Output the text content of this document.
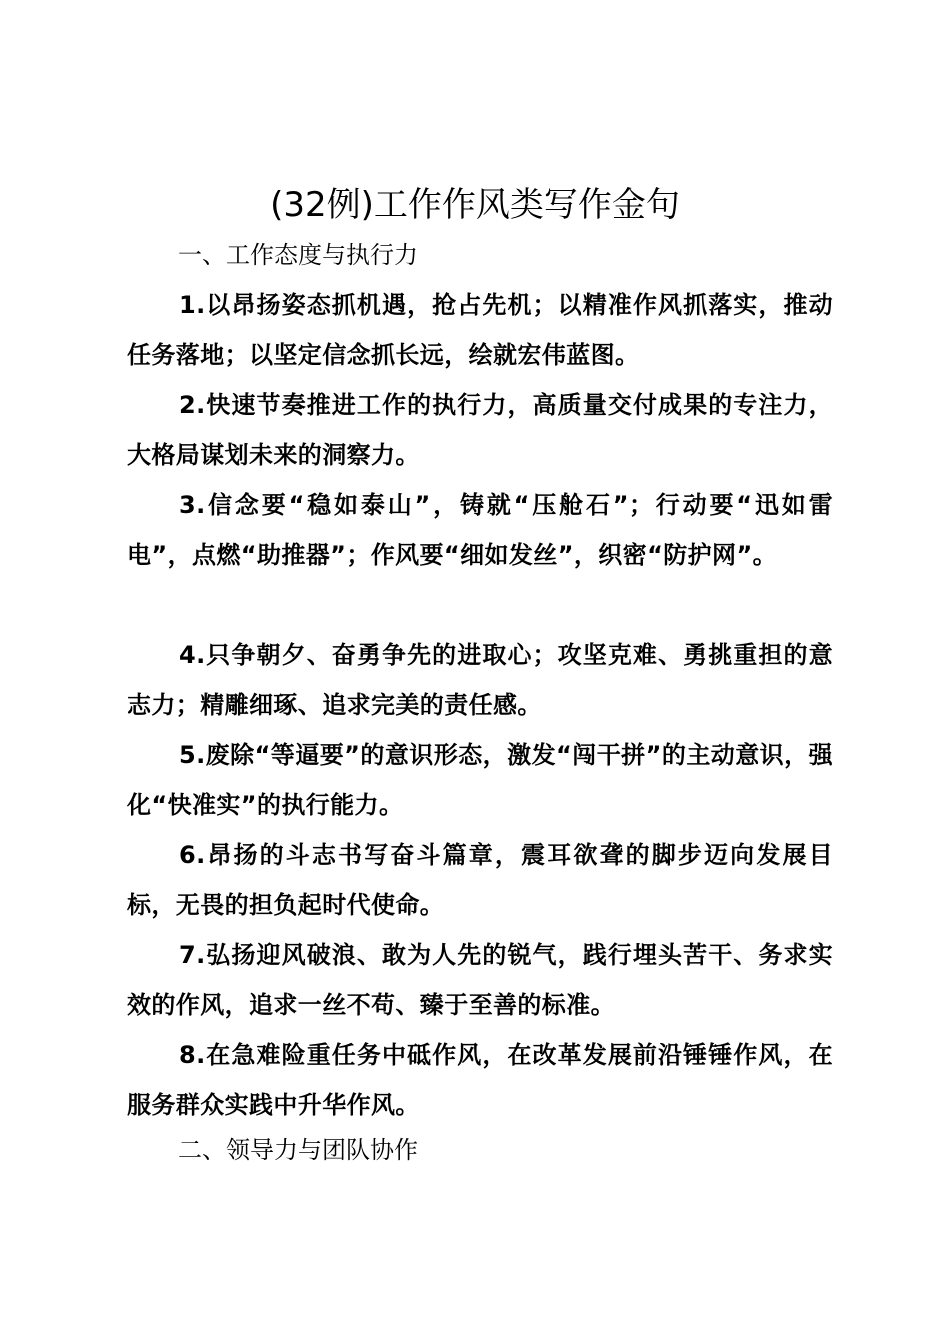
(32例)工作作风类写作金句
一、工作态度与执行力

1.以昂扬姿态抓机遇，抢占先机；以精准作风抓落实，推动任务落地；以坚定信念抓长远，绘就宏伟蓝图。

2.快速节奏推进工作的执行力，高质量交付成果的专注力，大格局谋划未来的洞察力。

3.信念要“稳如泰山”，铸就“压舱石”；行动要“迅如雷电”，点燃“助推器”；作风要“细如发丝”，织密“防护网”。

4.只争朝夕、奋勇争先的进取心；攻坚克难、勇挑重担的意志力；精雕细琢、追求完美的责任感。

5.废除“等逼要”的意识形态，激发“闯干拼”的主动意识，强化“快准实”的执行能力。

6.昂扬的斗志书写奋斗篇章，震耳欲聋的脚步迈向发展目标，无畏的担负起时代使命。

7.弘扬迎风破浪、敢为人先的锐气，践行埋头苦干、务求实效的作风，追求一丝不苟、臻于至善的标准。

8.在急难险重任务中砥作风，在改革发展前沿锤锤作风，在服务群众实践中升华作风。

二、领导力与团队协作
